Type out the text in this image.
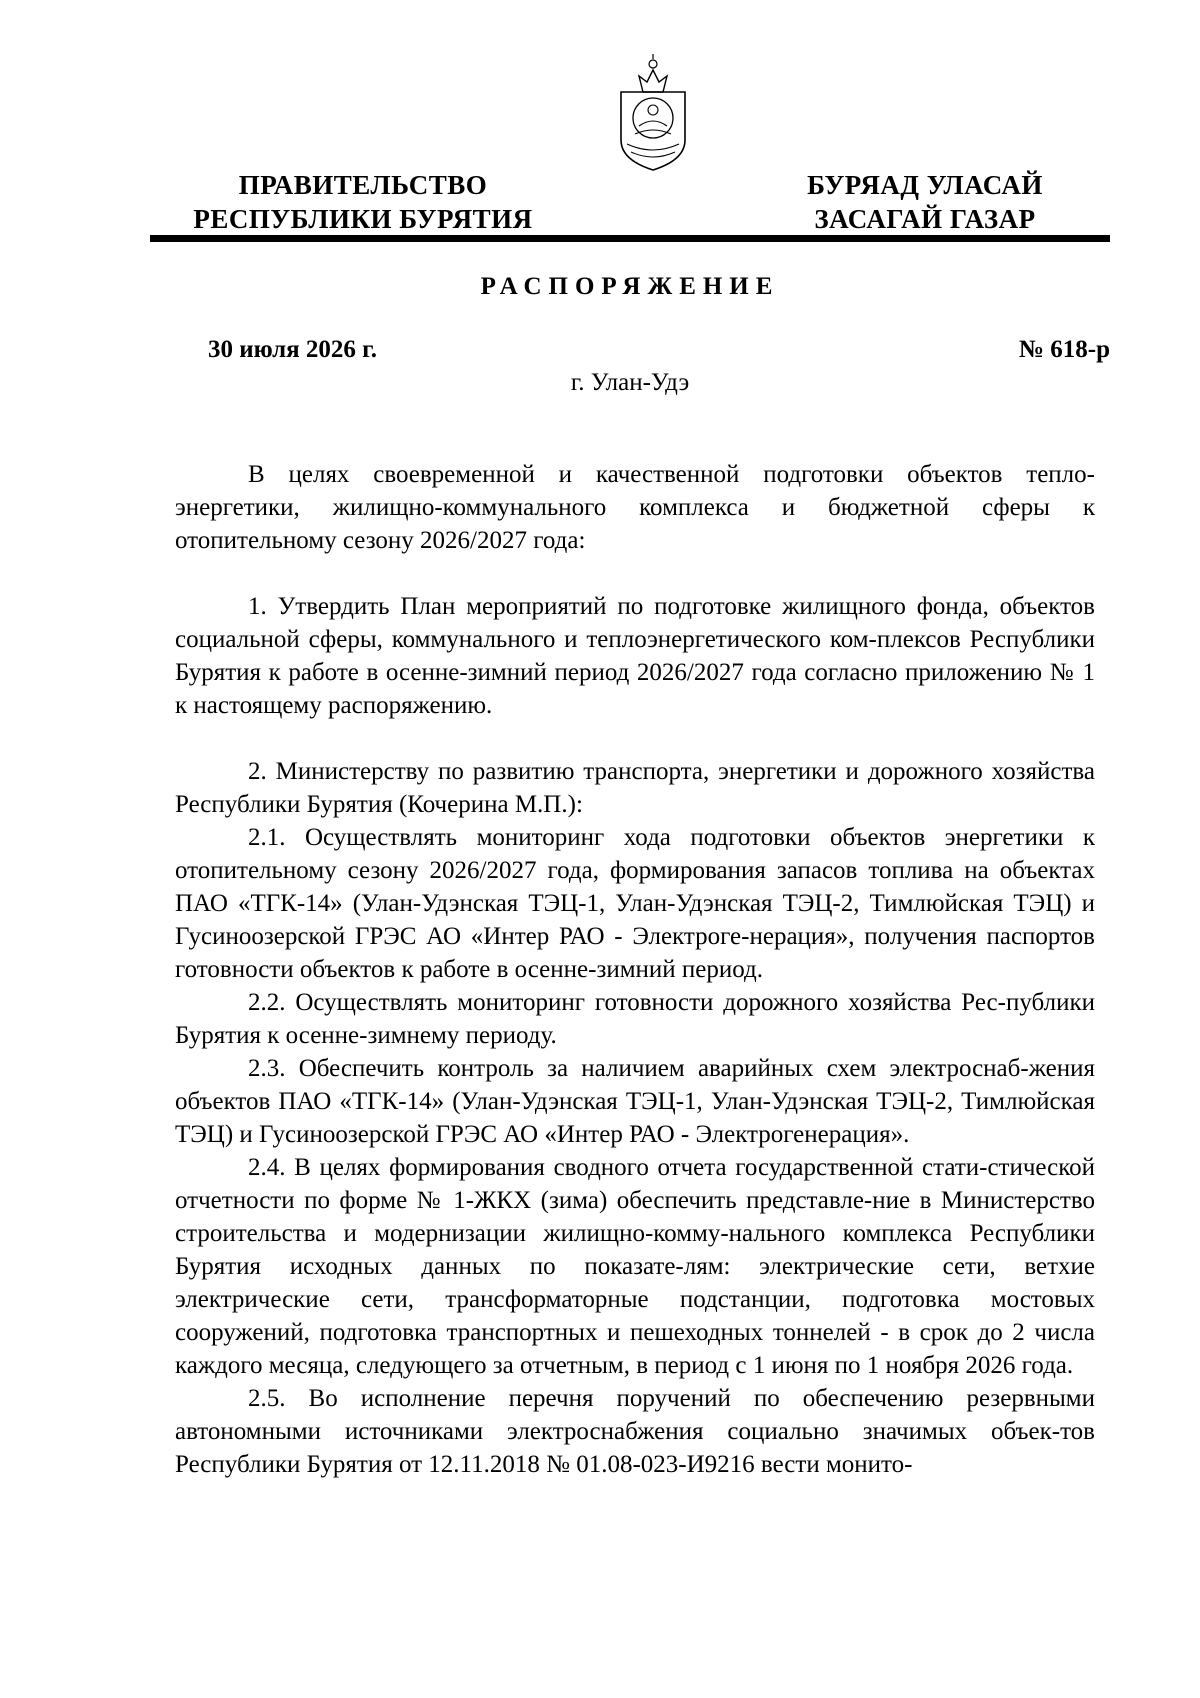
ПРАВИТЕЛЬСТВО
РЕСПУБЛИКИ БУРЯТИЯ
БУРЯАД УЛАСАЙ
ЗАСАГАЙ ГАЗАР
РАСПОРЯЖЕНИЕ
30 июля 2026 г.	№ 618-р
г. Улан-Удэ

В целях своевременной и качественной подготовки объектов тепло-энергетики, жилищно-коммунального комплекса и бюджетной сферы к отопительному сезону 2026/2027 года:

1. Утвердить План мероприятий по подготовке жилищного фонда, объектов социальной сферы, коммунального и теплоэнергетического ком-плексов Республики Бурятия к работе в осенне-зимний период 2026/2027 года согласно приложению № 1 к настоящему распоряжению.

2. Министерству по развитию транспорта, энергетики и дорожного хозяйства Республики Бурятия (Кочерина М.П.):

2.1. Осуществлять мониторинг хода подготовки объектов энергетики к отопительному сезону 2026/2027 года, формирования запасов топлива на объектах ПАО «ТГК-14» (Улан-Удэнская ТЭЦ-1, Улан-Удэнская ТЭЦ-2, Тимлюйская ТЭЦ) и Гусиноозерской ГРЭС АО «Интер РАО - Электроге-нерация», получения паспортов готовности объектов к работе в осенне-зимний период.

2.2. Осуществлять мониторинг готовности дорожного хозяйства Рес-публики Бурятия к осенне-зимнему периоду.

2.3. Обеспечить контроль за наличием аварийных схем электроснаб-жения объектов ПАО «ТГК-14» (Улан-Удэнская ТЭЦ-1, Улан-Удэнская ТЭЦ-2, Тимлюйская ТЭЦ) и Гусиноозерской ГРЭС АО «Интер РАО - Электрогенерация».

2.4. В целях формирования сводного отчета государственной стати-стической отчетности по форме № 1-ЖКХ (зима) обеспечить представле-ние в Министерство строительства и модернизации жилищно-комму-нального комплекса Республики Бурятия исходных данных по показате-лям: электрические сети, ветхие электрические сети, трансформаторные подстанции, подготовка мостовых сооружений, подготовка транспортных и пешеходных тоннелей - в срок до 2 числа каждого месяца, следующего за отчетным, в период с 1 июня по 1 ноября 2026 года.

2.5. Во исполнение перечня поручений по обеспечению резервными автономными источниками электроснабжения социально значимых объек-тов Республики Бурятия от 12.11.2018 № 01.08-023-И9216 вести монито-
